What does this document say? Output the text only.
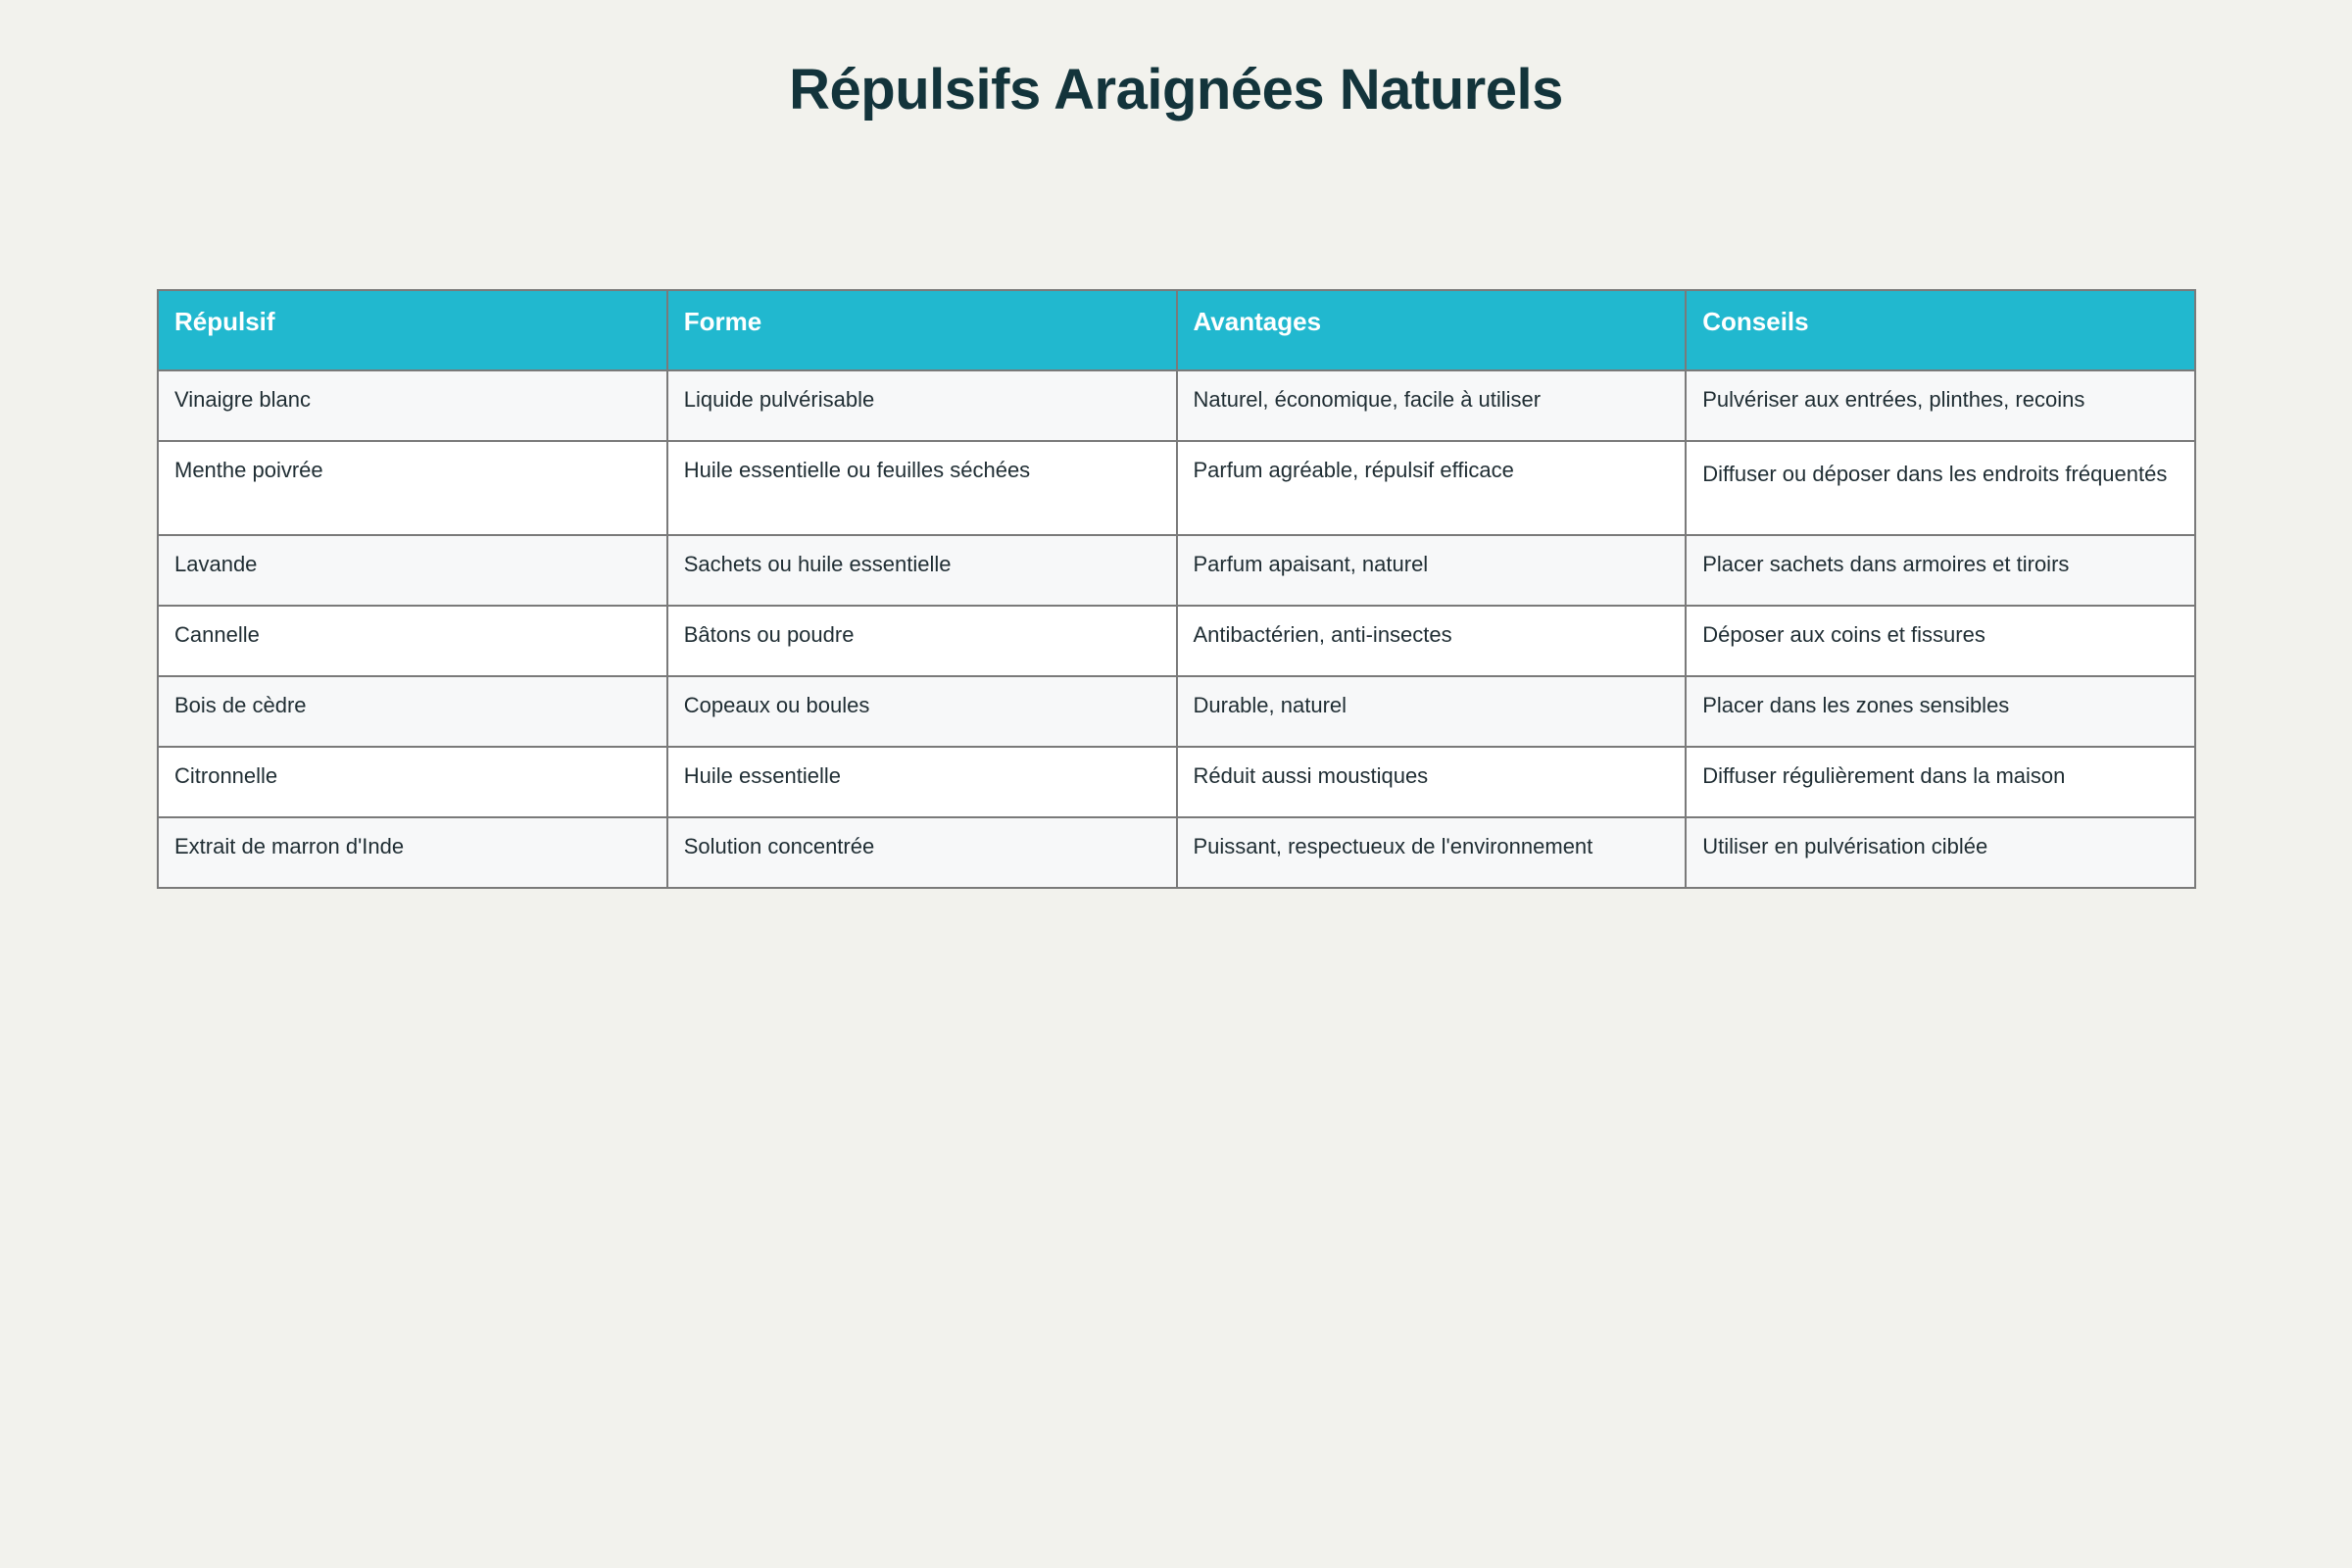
Répulsifs Araignées Naturels
Répulsif	Forme	Avantages	Conseils
Vinaigre blanc	Liquide pulvérisable	Naturel, économique, facile à utiliser	Pulvériser aux entrées, plinthes, recoins
Menthe poivrée	Huile essentielle ou feuilles séchées	Parfum agréable, répulsif efficace	Diffuser ou déposer dans les endroits fréquentés
Lavande	Sachets ou huile essentielle	Parfum apaisant, naturel	Placer sachets dans armoires et tiroirs
Cannelle	Bâtons ou poudre	Antibactérien, anti-insectes	Déposer aux coins et fissures
Bois de cèdre	Copeaux ou boules	Durable, naturel	Placer dans les zones sensibles
Citronnelle	Huile essentielle	Réduit aussi moustiques	Diffuser régulièrement dans la maison
Extrait de marron d'Inde	Solution concentrée	Puissant, respectueux de l'environnement	Utiliser en pulvérisation ciblée
